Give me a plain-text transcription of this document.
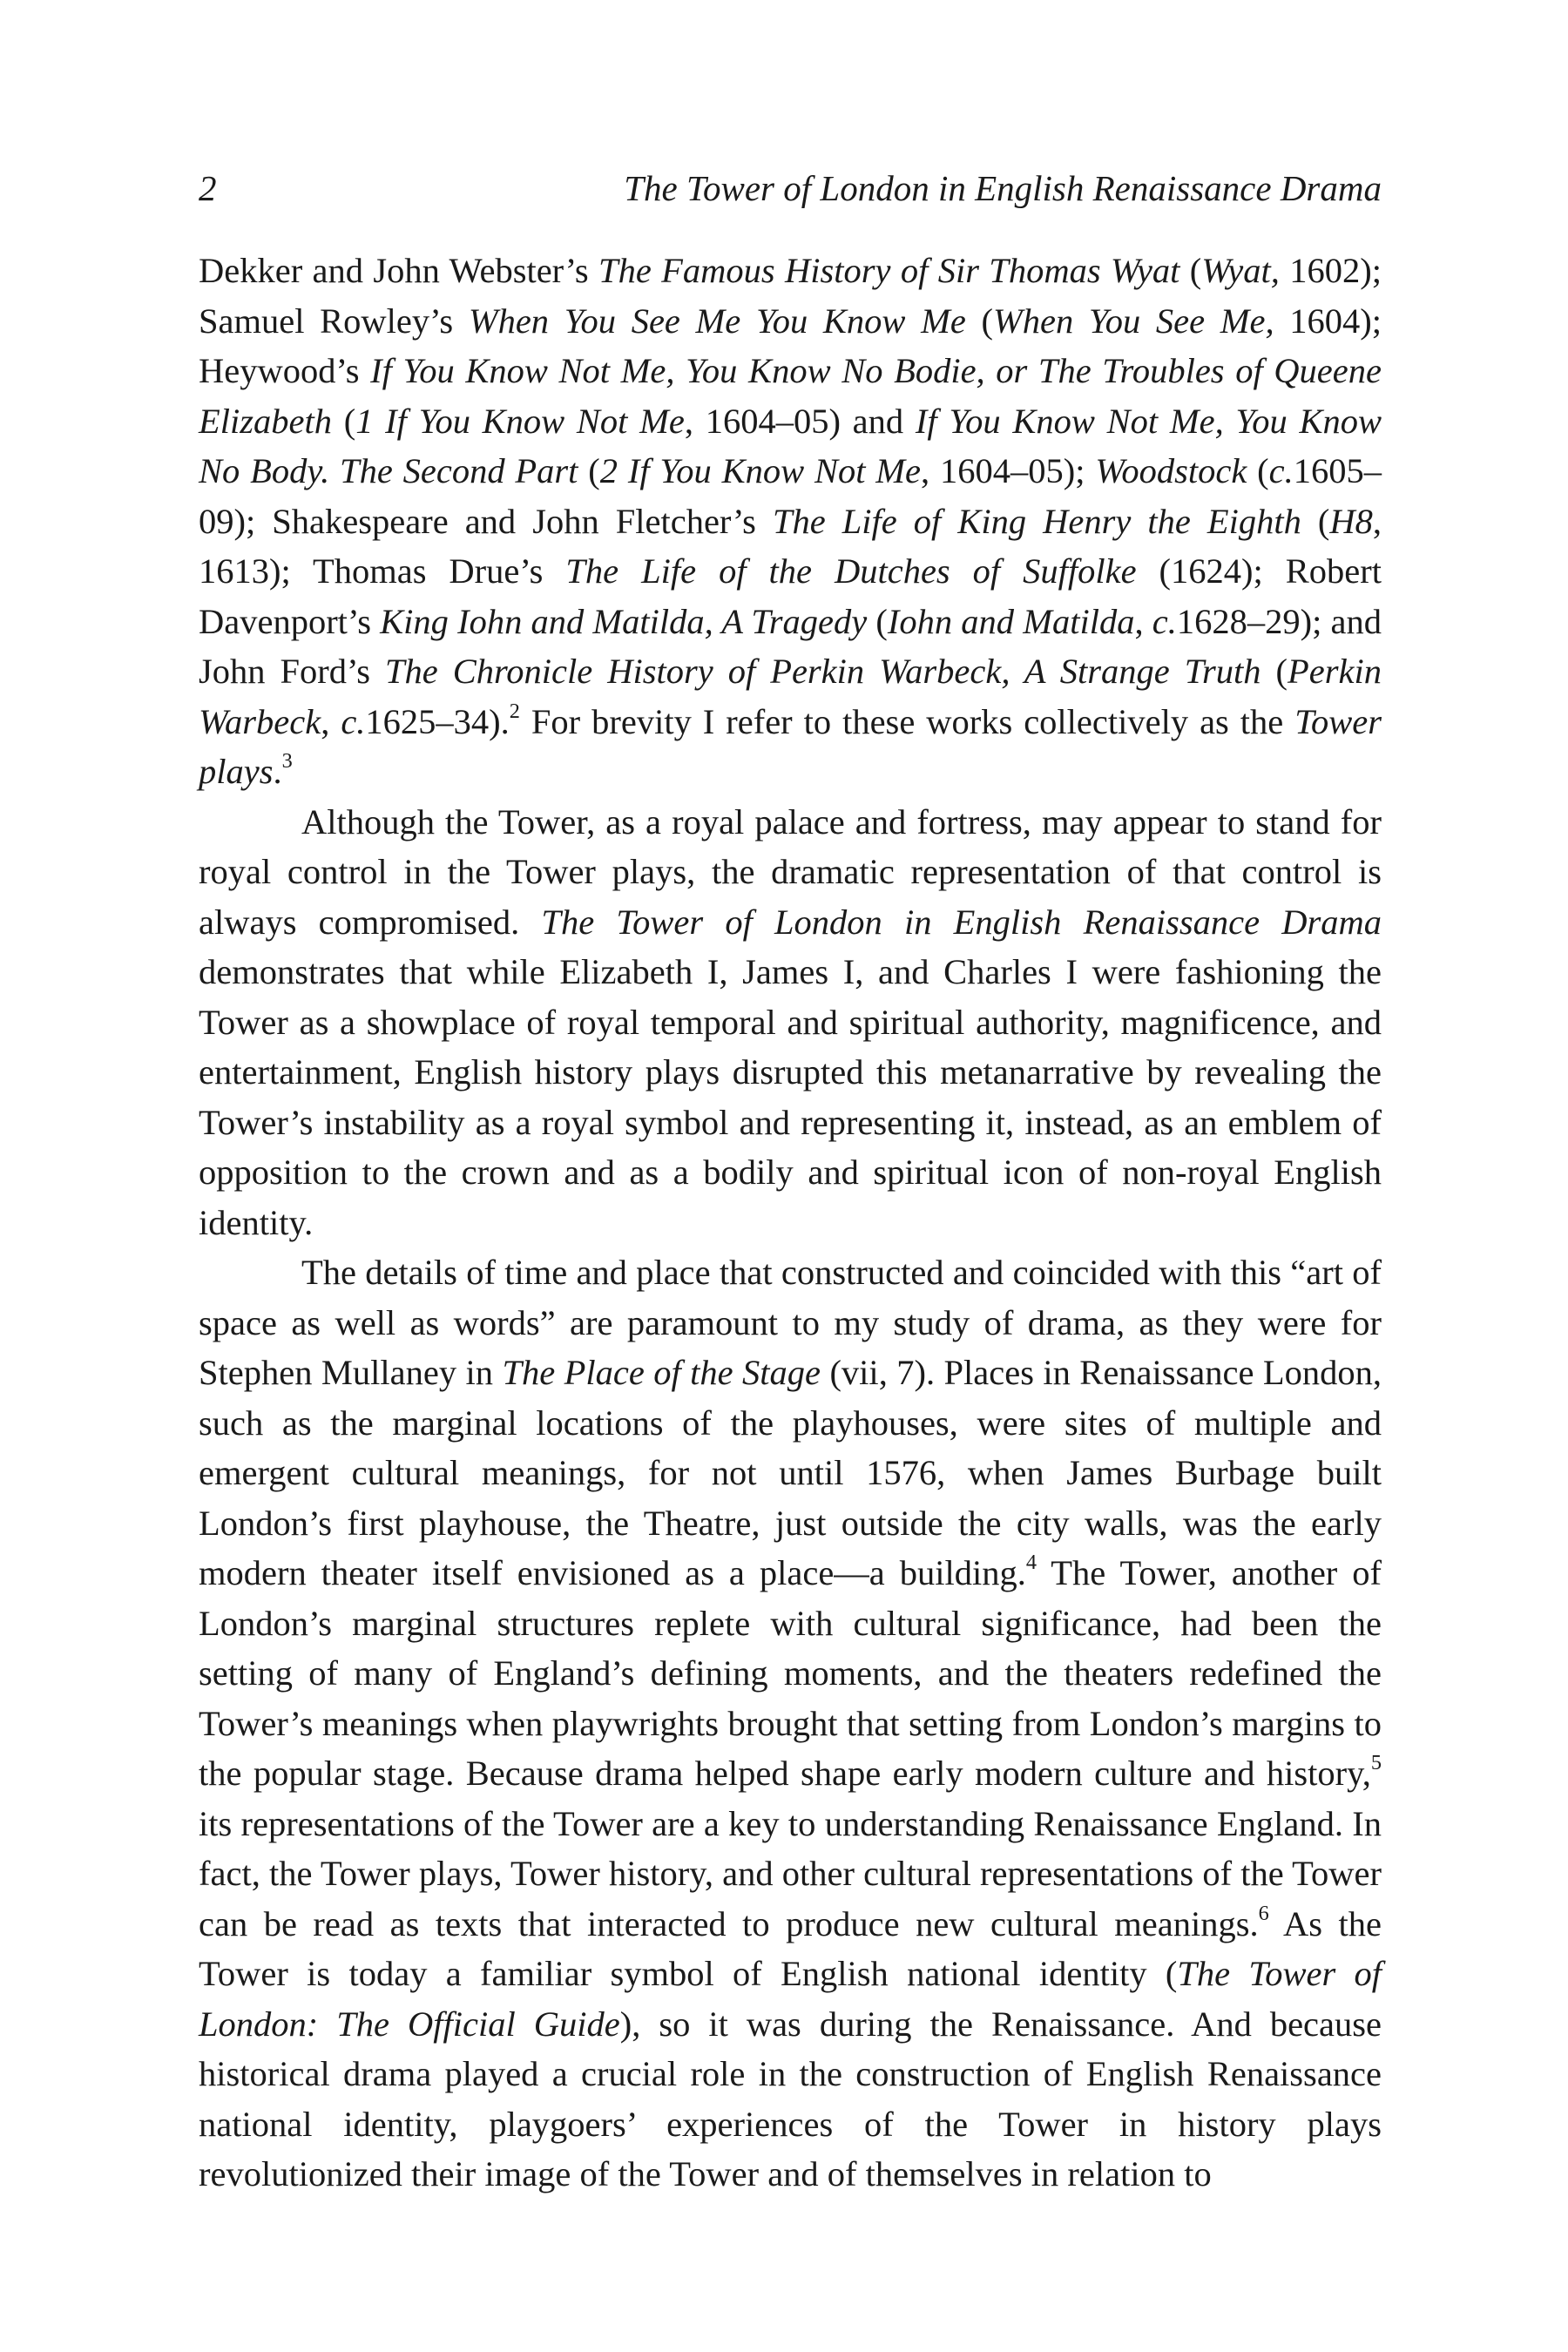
2	The Tower of London in English Renaissance Drama

Dekker and John Webster’s The Famous History of Sir Thomas Wyat (Wyat, 1602); Samuel Rowley’s When You See Me You Know Me (When You See Me, 1604); Heywood’s If You Know Not Me, You Know No Bodie, or The Troubles of Queene Elizabeth (1 If You Know Not Me, 1604–05) and If You Know Not Me, You Know No Body. The Second Part (2 If You Know Not Me, 1604–05); Woodstock (c.1605–09); Shakespeare and John Fletcher’s The Life of King Henry the Eighth (H8, 1613); Thomas Drue’s The Life of the Dutches of Suffolke (1624); Robert Davenport’s King Iohn and Matilda, A Tragedy (Iohn and Matilda, c.1628–29); and John Ford’s The Chronicle History of Perkin Warbeck, A Strange Truth (Perkin Warbeck, c.1625–34).$^2$ For brevity I refer to these works collectively as the Tower plays.$^3$

Although the Tower, as a royal palace and fortress, may appear to stand for royal control in the Tower plays, the dramatic representation of that control is always compromised. The Tower of London in English Renaissance Drama demonstrates that while Elizabeth I, James I, and Charles I were fashioning the Tower as a showplace of royal temporal and spiritual authority, magnificence, and entertainment, English history plays disrupted this metanarrative by revealing the Tower’s instability as a royal symbol and representing it, instead, as an emblem of opposition to the crown and as a bodily and spiritual icon of non-royal English identity.

The details of time and place that constructed and coincided with this “art of space as well as words” are paramount to my study of drama, as they were for Stephen Mullaney in The Place of the Stage (vii, 7). Places in Renaissance London, such as the marginal locations of the playhouses, were sites of multiple and emergent cultural meanings, for not until 1576, when James Burbage built London’s first playhouse, the Theatre, just outside the city walls, was the early modern theater itself envisioned as a place—a building.$^4$ The Tower, another of London’s marginal structures replete with cultural significance, had been the setting of many of England’s defining moments, and the theaters redefined the Tower’s meanings when playwrights brought that setting from London’s margins to the popular stage. Because drama helped shape early modern culture and history,$^5$ its representations of the Tower are a key to understanding Renaissance England. In fact, the Tower plays, Tower history, and other cultural representations of the Tower can be read as texts that interacted to produce new cultural meanings.$^6$ As the Tower is today a familiar symbol of English national identity (The Tower of London: The Official Guide), so it was during the Renaissance. And because historical drama played a crucial role in the construction of English Renaissance national identity, playgoers’ experiences of the Tower in history plays revolutionized their image of the Tower and of themselves in relation to
